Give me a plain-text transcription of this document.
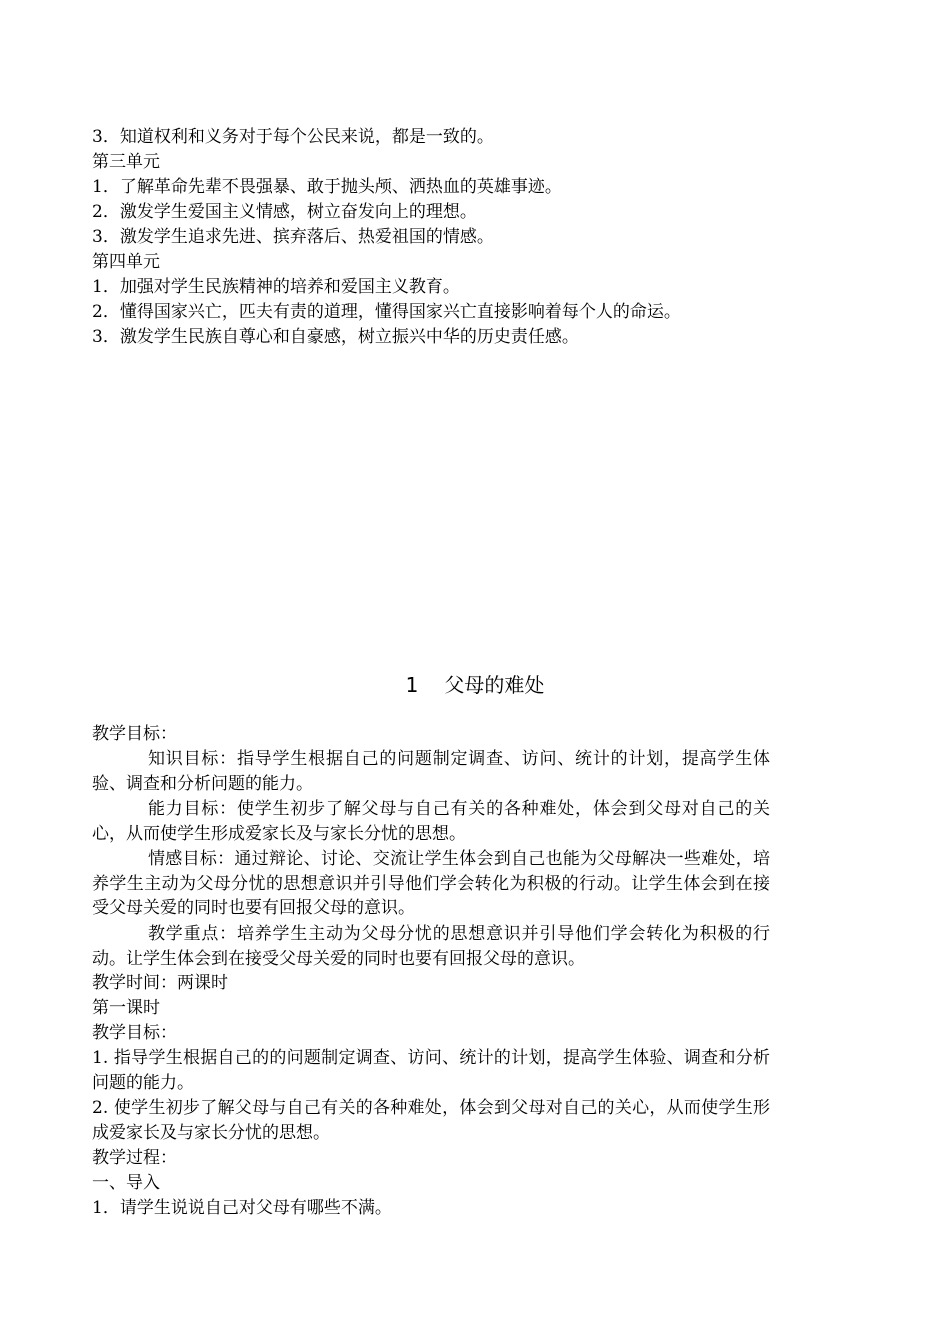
3．知道权利和义务对于每个公民来说，都是一致的。
第三单元
1．了解革命先辈不畏强暴、敢于抛头颅、洒热血的英雄事迹。
2．激发学生爱国主义情感，树立奋发向上的理想。
3．激发学生追求先进、摈弃落后、热爱祖国的情感。
第四单元
1．加强对学生民族精神的培养和爱国主义教育。
2．懂得国家兴亡，匹夫有责的道理，懂得国家兴亡直接影响着每个人的命运。
3．激发学生民族自尊心和自豪感，树立振兴中华的历史责任感。
1 父母的难处
教学目标：
知识目标：指导学生根据自己的问题制定调查、访问、统计的计划，提高学生体验、调查和分析问题的能力。
能力目标：使学生初步了解父母与自己有关的各种难处，体会到父母对自己的关心，从而使学生形成爱家长及与家长分忧的思想。
情感目标：通过辩论、讨论、交流让学生体会到自己也能为父母解决一些难处，培养学生主动为父母分忧的思想意识并引导他们学会转化为积极的行动。让学生体会到在接受父母关爱的同时也要有回报父母的意识。
教学重点：培养学生主动为父母分忧的思想意识并引导他们学会转化为积极的行动。让学生体会到在接受父母关爱的同时也要有回报父母的意识。
教学时间：两课时
第一课时
教学目标：
1. 指导学生根据自己的的问题制定调查、访问、统计的计划，提高学生体验、调查和分析问题的能力。
2. 使学生初步了解父母与自己有关的各种难处，体会到父母对自己的关心，从而使学生形成爱家长及与家长分忧的思想。
教学过程：
一、导入
1．请学生说说自己对父母有哪些不满。
